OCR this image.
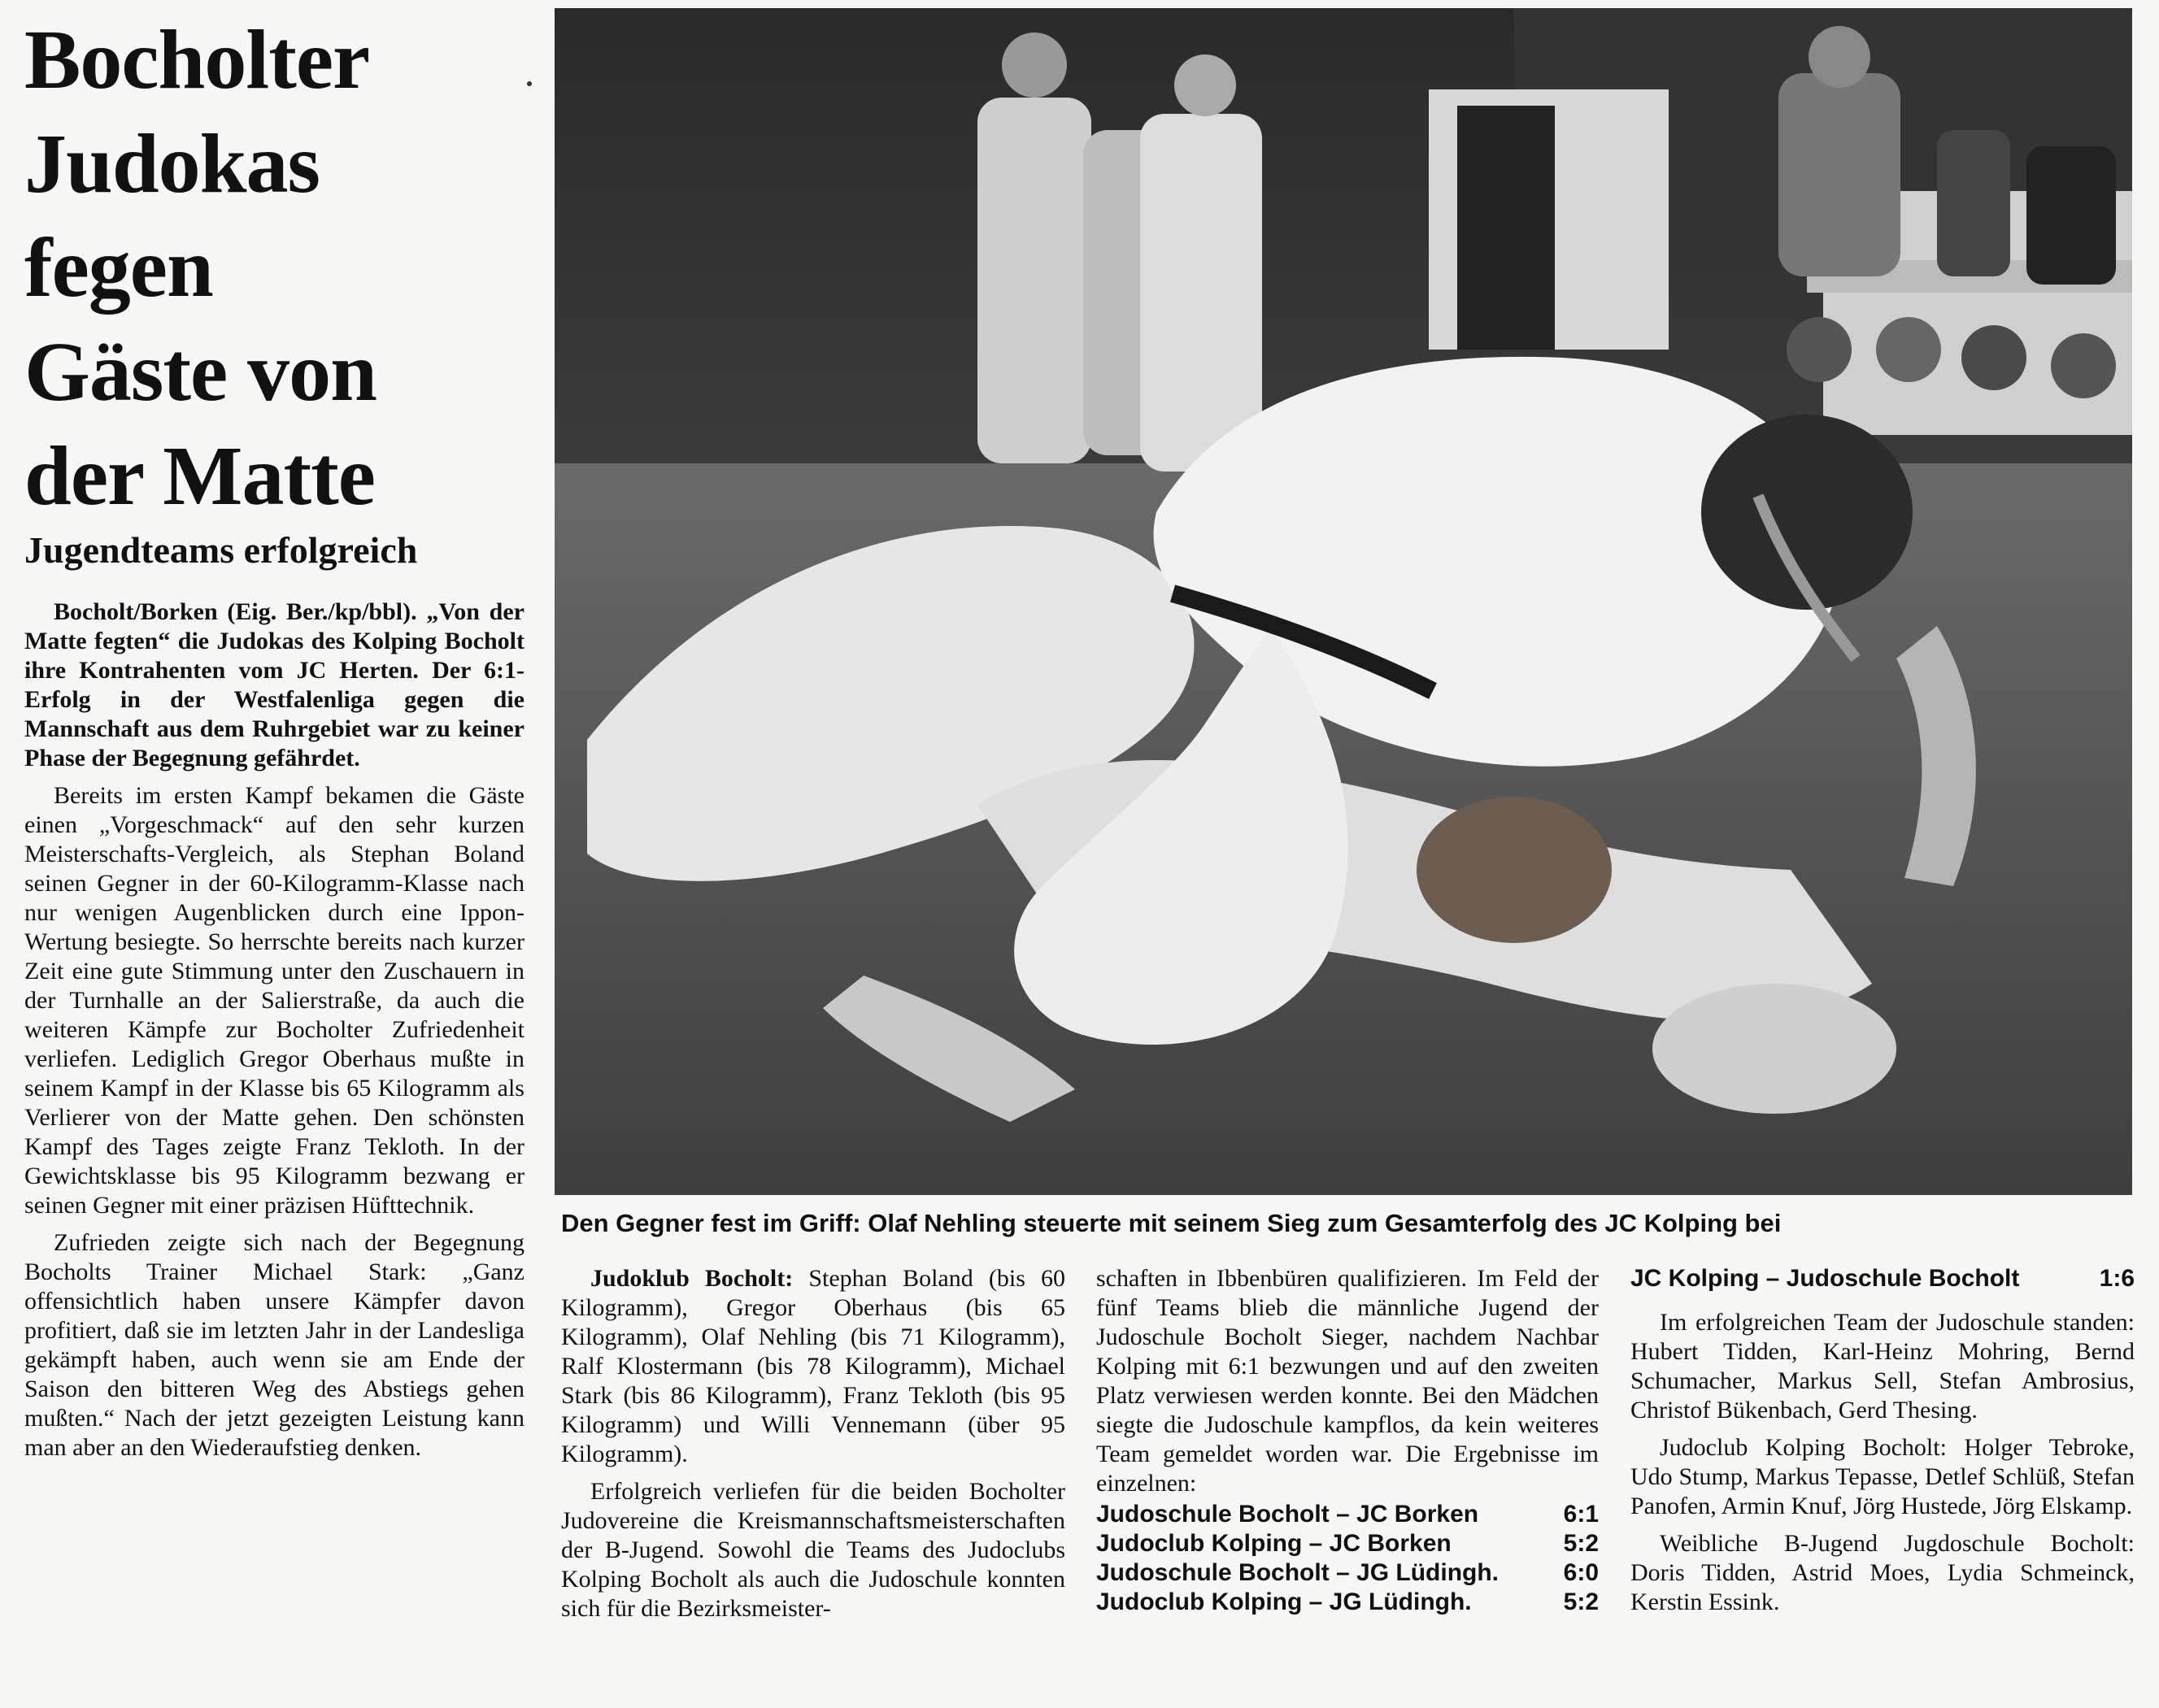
Bocholter
Judokas
fegen
Gäste von
der Matte
Jugendteams erfolgreich

Bocholt/Borken (Eig. Ber./kp/bbl). „Von der Matte fegten“ die Judokas des Kolping Bocholt ihre Kontrahenten vom JC Herten. Der 6:1-Erfolg in der Westfalenliga gegen die Mannschaft aus dem Ruhrgebiet war zu keiner Phase der Begegnung gefährdet.

Bereits im ersten Kampf bekamen die Gäste einen „Vorgeschmack“ auf den sehr kurzen Meisterschafts-Vergleich, als Stephan Boland seinen Gegner in der 60-Kilogramm-Klasse nach nur wenigen Augenblicken durch eine Ippon-Wertung besiegte. So herrschte bereits nach kurzer Zeit eine gute Stimmung unter den Zuschauern in der Turnhalle an der Salierstraße, da auch die weiteren Kämpfe zur Bocholter Zufriedenheit verliefen. Lediglich Gregor Oberhaus mußte in seinem Kampf in der Klasse bis 65 Kilogramm als Verlierer von der Matte gehen. Den schönsten Kampf des Tages zeigte Franz Tekloth. In der Gewichtsklasse bis 95 Kilogramm bezwang er seinen Gegner mit einer präzisen Hüfttechnik.

Zufrieden zeigte sich nach der Begegnung Bocholts Trainer Michael Stark: „Ganz offensichtlich haben unsere Kämpfer davon profitiert, daß sie im letzten Jahr in der Landesliga gekämpft haben, auch wenn sie am Ende der Saison den bitteren Weg des Abstiegs gehen mußten.“ Nach der jetzt gezeigten Leistung kann man aber an den Wiederaufstieg denken.

Den Gegner fest im Griff: Olaf Nehling steuerte mit seinem Sieg zum Gesamterfolg des JC Kolping bei

Judoklub Bocholt: Stephan Boland (bis 60 Kilogramm), Gregor Oberhaus (bis 65 Kilogramm), Olaf Nehling (bis 71 Kilogramm), Ralf Klostermann (bis 78 Kilogramm), Michael Stark (bis 86 Kilogramm), Franz Tekloth (bis 95 Kilogramm) und Willi Vennemann (über 95 Kilogramm).

Erfolgreich verliefen für die beiden Bocholter Judovereine die Kreismannschaftsmeisterschaften der B-Jugend. Sowohl die Teams des Judoclubs Kolping Bocholt als auch die Judoschule konnten sich für die Bezirksmeister-

schaften in Ibbenbüren qualifizieren. Im Feld der fünf Teams blieb die männliche Jugend der Judoschule Bocholt Sieger, nachdem Nachbar Kolping mit 6:1 bezwungen und auf den zweiten Platz verwiesen werden konnte. Bei den Mädchen siegte die Judoschule kampflos, da kein weiteres Team gemeldet worden war. Die Ergebnisse im einzelnen:

Judoschule Bocholt – JC Borken	6:1
Judoclub Kolping – JC Borken	5:2
Judoschule Bocholt – JG Lüdingh.	6:0
Judoclub Kolping – JG Lüdingh.	5:2
JC Kolping – Judoschule Bocholt	1:6

Im erfolgreichen Team der Judoschule standen: Hubert Tidden, Karl-Heinz Mohring, Bernd Schumacher, Markus Sell, Stefan Ambrosius, Christof Bükenbach, Gerd Thesing.

Judoclub Kolping Bocholt: Holger Tebroke, Udo Stump, Markus Tepasse, Detlef Schlüß, Stefan Panofen, Armin Knuf, Jörg Hustede, Jörg Elskamp.

Weibliche B-Jugend Jugdoschule Bocholt: Doris Tidden, Astrid Moes, Lydia Schmeinck, Kerstin Essink.
